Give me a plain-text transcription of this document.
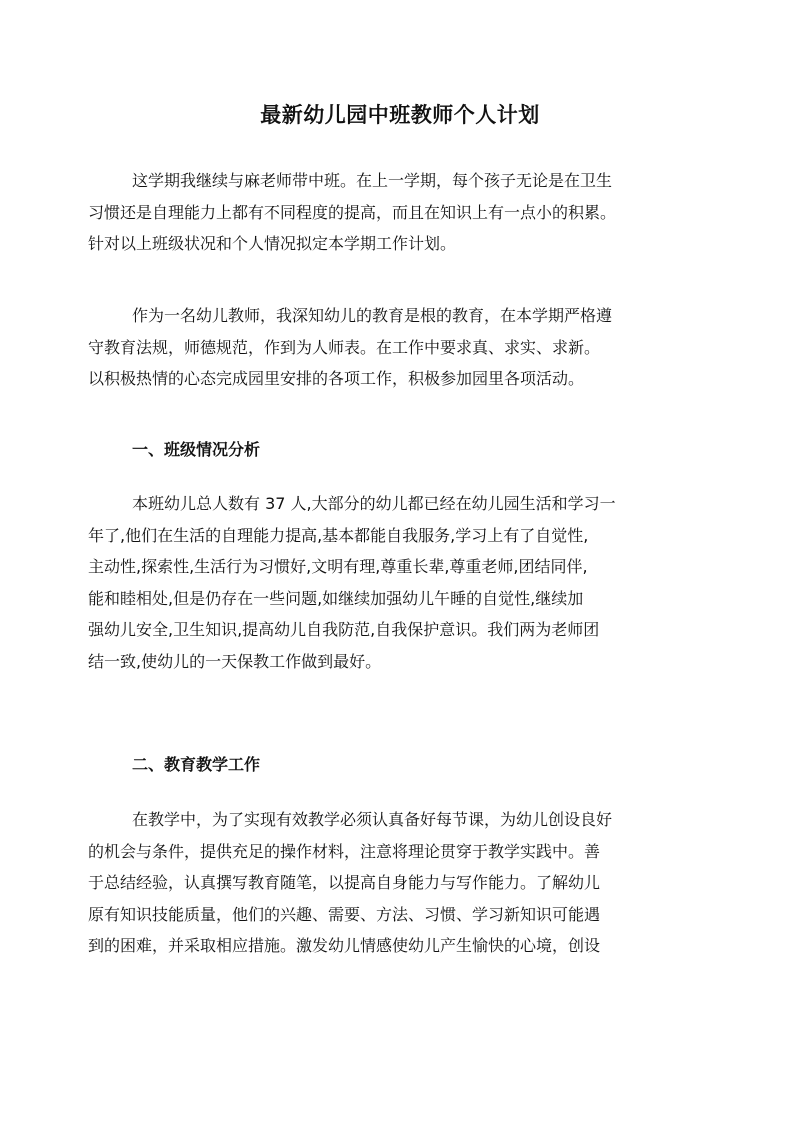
最新幼儿园中班教师个人计划
这学期我继续与麻老师带中班。在上一学期，每个孩子无论是在卫生
习惯还是自理能力上都有不同程度的提高，而且在知识上有一点小的积累。
针对以上班级状况和个人情况拟定本学期工作计划。
作为一名幼儿教师，我深知幼儿的教育是根的教育，在本学期严格遵
守教育法规，师德规范，作到为人师表。在工作中要求真、求实、求新。
以积极热情的心态完成园里安排的各项工作，积极参加园里各项活动。
一、班级情况分析
本班幼儿总人数有 37 人,大部分的幼儿都已经在幼儿园生活和学习一
年了,他们在生活的自理能力提高,基本都能自我服务,学习上有了自觉性,
主动性,探索性,生活行为习惯好,文明有理,尊重长辈,尊重老师,团结同伴,
能和睦相处,但是仍存在一些问题,如继续加强幼儿午睡的自觉性,继续加
强幼儿安全,卫生知识,提高幼儿自我防范,自我保护意识。我们两为老师团
结一致,使幼儿的一天保教工作做到最好。
二、教育教学工作
在教学中，为了实现有效教学必须认真备好每节课，为幼儿创设良好
的机会与条件，提供充足的操作材料，注意将理论贯穿于教学实践中。善
于总结经验，认真撰写教育随笔，以提高自身能力与写作能力。了解幼儿
原有知识技能质量，他们的兴趣、需要、方法、习惯、学习新知识可能遇
到的困难，并采取相应措施。激发幼儿情感使幼儿产生愉快的心境，创设
